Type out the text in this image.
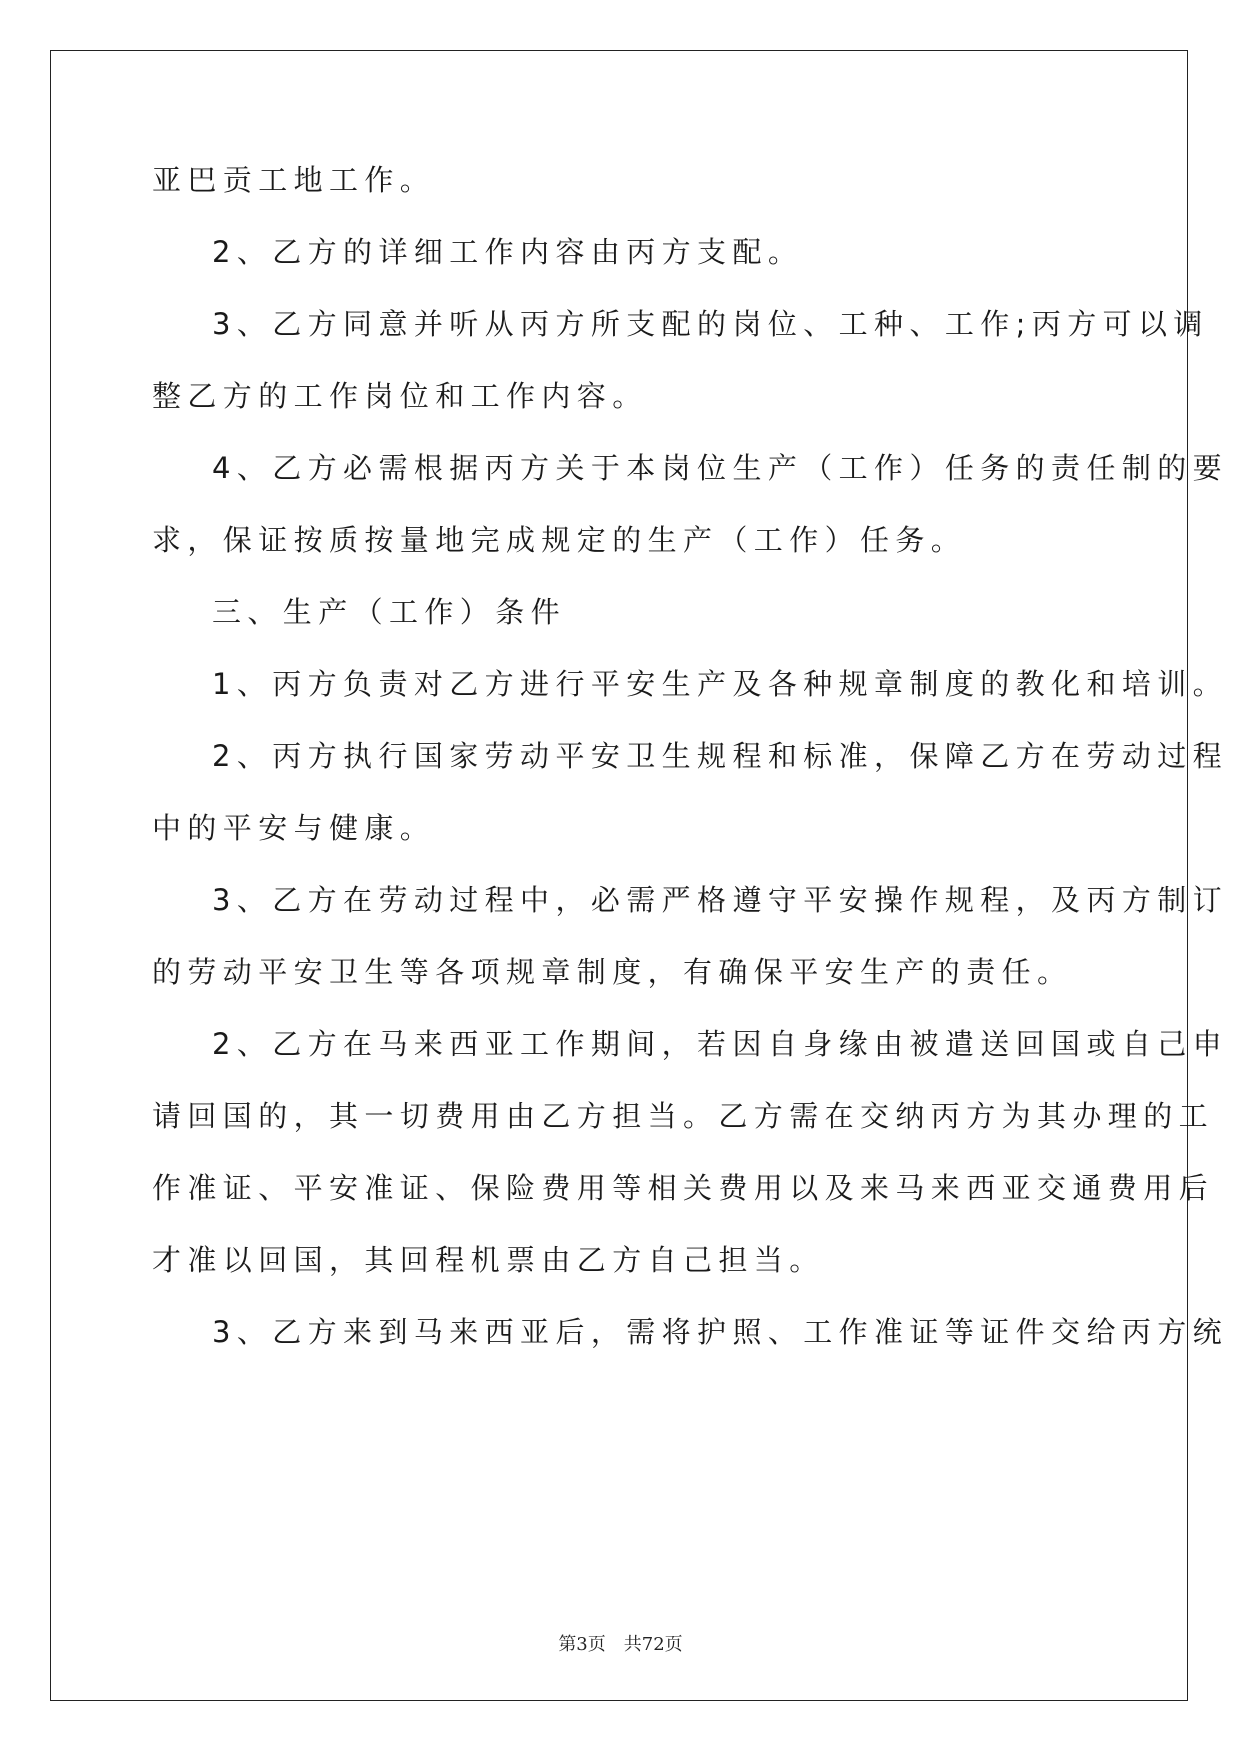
亚巴贡工地工作。
2、乙方的详细工作内容由丙方支配。
3、乙方同意并听从丙方所支配的岗位、工种、工作;丙方可以调
整乙方的工作岗位和工作内容。
4、乙方必需根据丙方关于本岗位生产（工作）任务的责任制的要
求，保证按质按量地完成规定的生产（工作）任务。
三、生产（工作）条件
1、丙方负责对乙方进行平安生产及各种规章制度的教化和培训。
2、丙方执行国家劳动平安卫生规程和标准，保障乙方在劳动过程
中的平安与健康。
3、乙方在劳动过程中，必需严格遵守平安操作规程，及丙方制订
的劳动平安卫生等各项规章制度，有确保平安生产的责任。
2、乙方在马来西亚工作期间，若因自身缘由被遣送回国或自己申
请回国的，其一切费用由乙方担当。乙方需在交纳丙方为其办理的工
作准证、平安准证、保险费用等相关费用以及来马来西亚交通费用后
才准以回国，其回程机票由乙方自己担当。
3、乙方来到马来西亚后，需将护照、工作准证等证件交给丙方统
第3页　共72页
